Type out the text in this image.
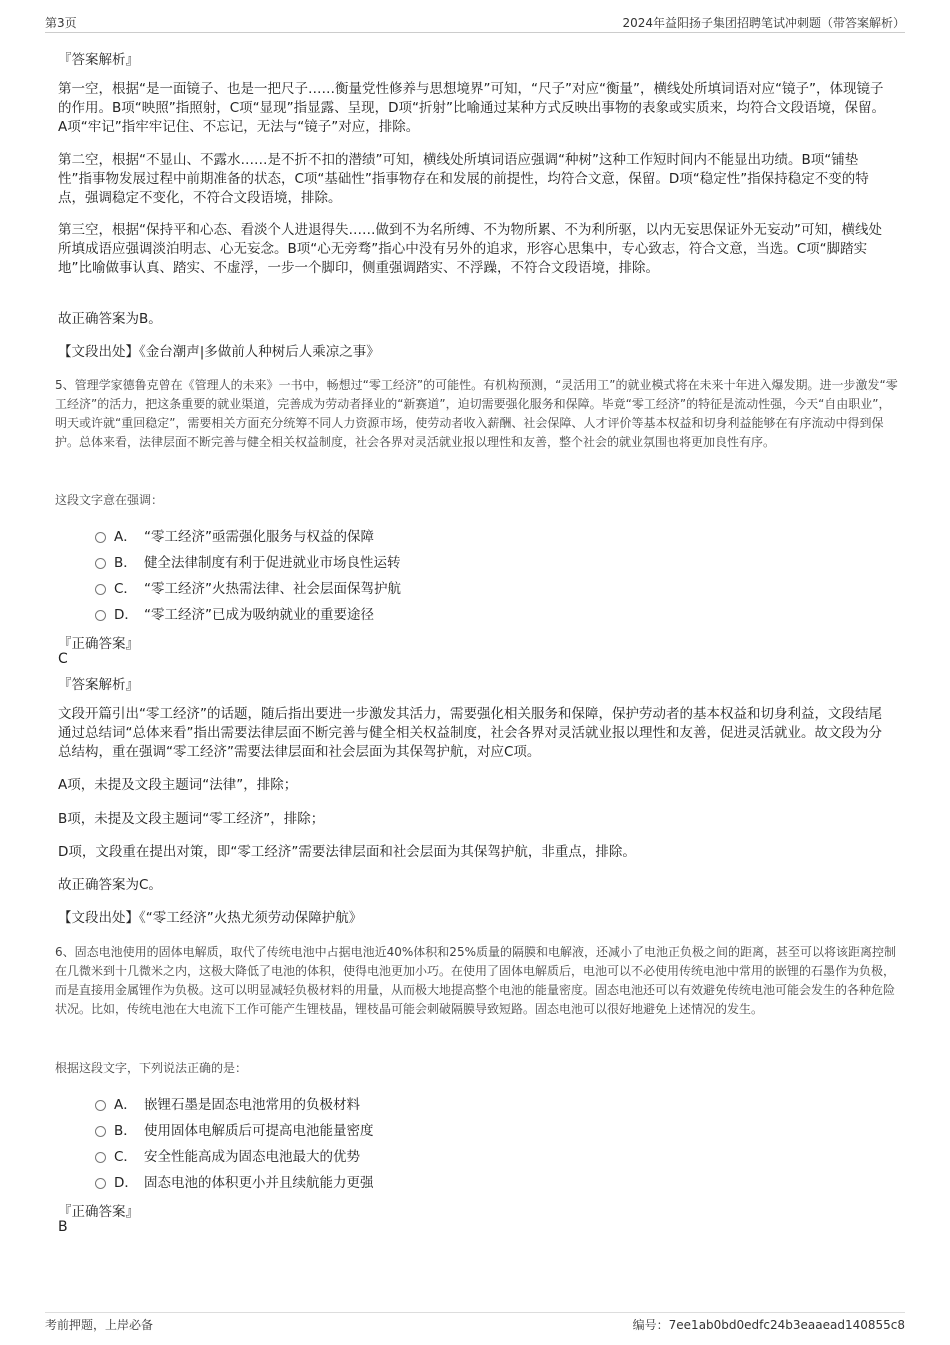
第3页	2024年益阳扬子集团招聘笔试冲刺题（带答案解析）
『答案解析』

第一空，根据“是一面镜子、也是一把尺子……衡量党性修养与思想境界”可知，“尺子”对应“衡量”，横线处所填词语对应“镜子”，体现镜子的作用。B项“映照”指照射，C项“显现”指显露、呈现，D项“折射”比喻通过某种方式反映出事物的表象或实质来，均符合文段语境，保留。A项“牢记”指牢牢记住、不忘记，无法与“镜子”对应，排除。

第二空，根据“不显山、不露水……是不折不扣的潜绩”可知，横线处所填词语应强调“种树”这种工作短时间内不能显出功绩。B项“铺垫性”指事物发展过程中前期准备的状态，C项“基础性”指事物存在和发展的前提性，均符合文意，保留。D项“稳定性”指保持稳定不变的特点，强调稳定不变化，不符合文段语境，排除。

第三空，根据“保持平和心态、看淡个人进退得失……做到不为名所缚、不为物所累、不为利所驱，以内无妄思保证外无妄动”可知，横线处所填成语应强调淡泊明志、心无妄念。B项“心无旁骛”指心中没有另外的追求，形容心思集中，专心致志，符合文意，当选。C项“脚踏实地”比喻做事认真、踏实、不虚浮，一步一个脚印，侧重强调踏实、不浮躁，不符合文段语境，排除。

故正确答案为B。

【文段出处】《金台潮声|多做前人种树后人乘凉之事》

5、管理学家德鲁克曾在《管理人的未来》一书中，畅想过“零工经济”的可能性。有机构预测，“灵活用工”的就业模式将在未来十年进入爆发期。进一步激发“零工经济”的活力，把这条重要的就业渠道，完善成为劳动者择业的“新赛道”，迫切需要强化服务和保障。毕竟“零工经济”的特征是流动性强，今天“自由职业”，明天或许就“重回稳定”，需要相关方面充分统筹不同人力资源市场，使劳动者收入薪酬、社会保障、人才评价等基本权益和切身利益能够在有序流动中得到保护。总体来看，法律层面不断完善与健全相关权益制度，社会各界对灵活就业报以理性和友善，整个社会的就业氛围也将更加良性有序。

这段文字意在强调：
A． “零工经济”亟需强化服务与权益的保障
B． 健全法律制度有利于促进就业市场良性运转
C． “零工经济”火热需法律、社会层面保驾护航
D． “零工经济”已成为吸纳就业的重要途径
『正确答案』
C
『答案解析』

文段开篇引出“零工经济”的话题，随后指出要进一步激发其活力，需要强化相关服务和保障，保护劳动者的基本权益和切身利益，文段结尾通过总结词“总体来看”指出需要法律层面不断完善与健全相关权益制度，社会各界对灵活就业报以理性和友善，促进灵活就业。故文段为分总结构，重在强调“零工经济”需要法律层面和社会层面为其保驾护航，对应C项。

A项，未提及文段主题词“法律”，排除；

B项，未提及文段主题词“零工经济”，排除；

D项，文段重在提出对策，即“零工经济”需要法律层面和社会层面为其保驾护航，非重点，排除。

故正确答案为C。

【文段出处】《“零工经济”火热尤须劳动保障护航》

6、固态电池使用的固体电解质，取代了传统电池中占据电池近40%体积和25%质量的隔膜和电解液，还减小了电池正负极之间的距离，甚至可以将该距离控制在几微米到十几微米之内，这极大降低了电池的体积，使得电池更加小巧。在使用了固体电解质后，电池可以不必使用传统电池中常用的嵌锂的石墨作为负极，而是直接用金属锂作为负极。这可以明显减轻负极材料的用量，从而极大地提高整个电池的能量密度。固态电池还可以有效避免传统电池可能会发生的各种危险状况。比如，传统电池在大电流下工作可能产生锂枝晶，锂枝晶可能会刺破隔膜导致短路。固态电池可以很好地避免上述情况的发生。

根据这段文字，下列说法正确的是：
A． 嵌锂石墨是固态电池常用的负极材料
B． 使用固体电解质后可提高电池能量密度
C． 安全性能高成为固态电池最大的优势
D． 固态电池的体积更小并且续航能力更强
『正确答案』
B
考前押题，上岸必备	编号：7ee1ab0bd0edfc24b3eaaead140855c8
